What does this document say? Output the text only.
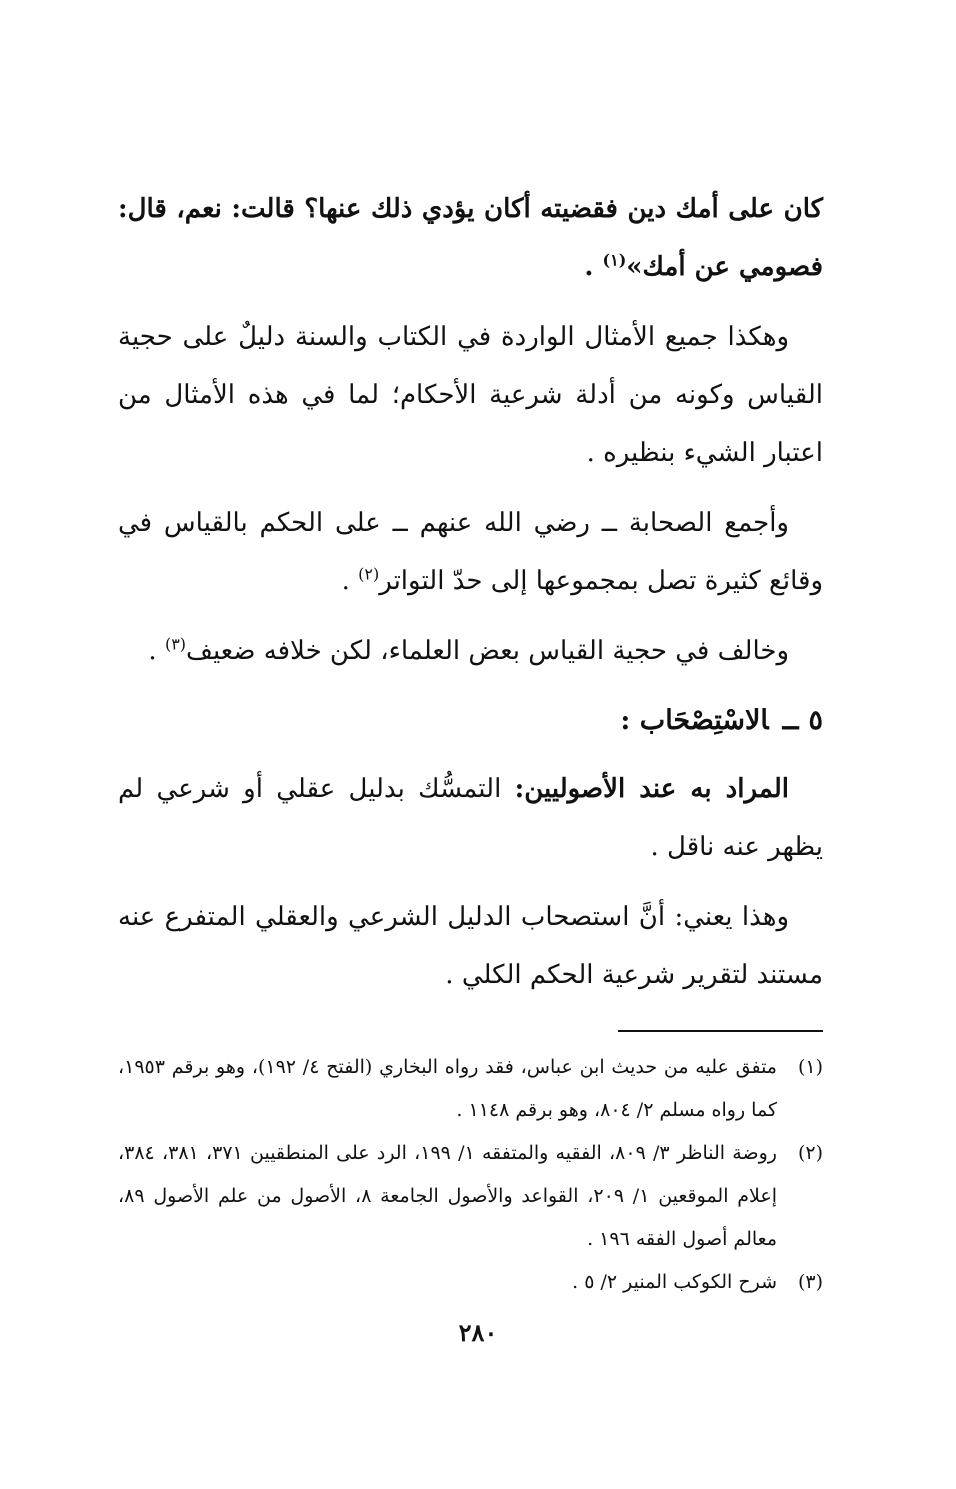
كان على أمك دين فقضيته أكان يؤدي ذلك عنها؟ قالت: نعم، قال: فصومي عن أمك»$^{(١)}$ .

وهكذا جميع الأمثال الواردة في الكتاب والسنة دليلٌ على حجية القياس وكونه من أدلة شرعية الأحكام؛ لما في هذه الأمثال من اعتبار الشيء بنظيره .

وأجمع الصحابة ــ رضي الله عنهم ــ على الحكم بالقياس في وقائع كثيرة تصل بمجموعها إلى حدّ التواتر$^{(٢)}$ .

وخالف في حجية القياس بعض العلماء، لكن خلافه ضعيف$^{(٣)}$ .

٥ــالاسْتِصْحَاب :

المراد به عند الأصوليين: التمسُّك بدليل عقلي أو شرعي لم يظهر عنه ناقل .

وهذا يعني: أنَّ استصحاب الدليل الشرعي والعقلي المتفرع عنه مستند لتقرير شرعية الحكم الكلي .

(١)
متفق عليه من حديث ابن عباس، فقد رواه البخاري (الفتح ٤/ ١٩٢)، وهو برقم ١٩٥٣، كما رواه مسلم ٢/ ٨٠٤، وهو برقم ١١٤٨ .

(٢)
روضة الناظر ٣/ ٨٠٩، الفقيه والمتفقه ١/ ١٩٩، الرد على المنطقيين ٣٧١، ٣٨١، ٣٨٤، إعلام الموقعين ١/ ٢٠٩، القواعد والأصول الجامعة ٨، الأصول من علم الأصول ٨٩، معالم أصول الفقه ١٩٦ .

(٣)
شرح الكوكب المنير ٢/ ٥ .

٢٨٠
